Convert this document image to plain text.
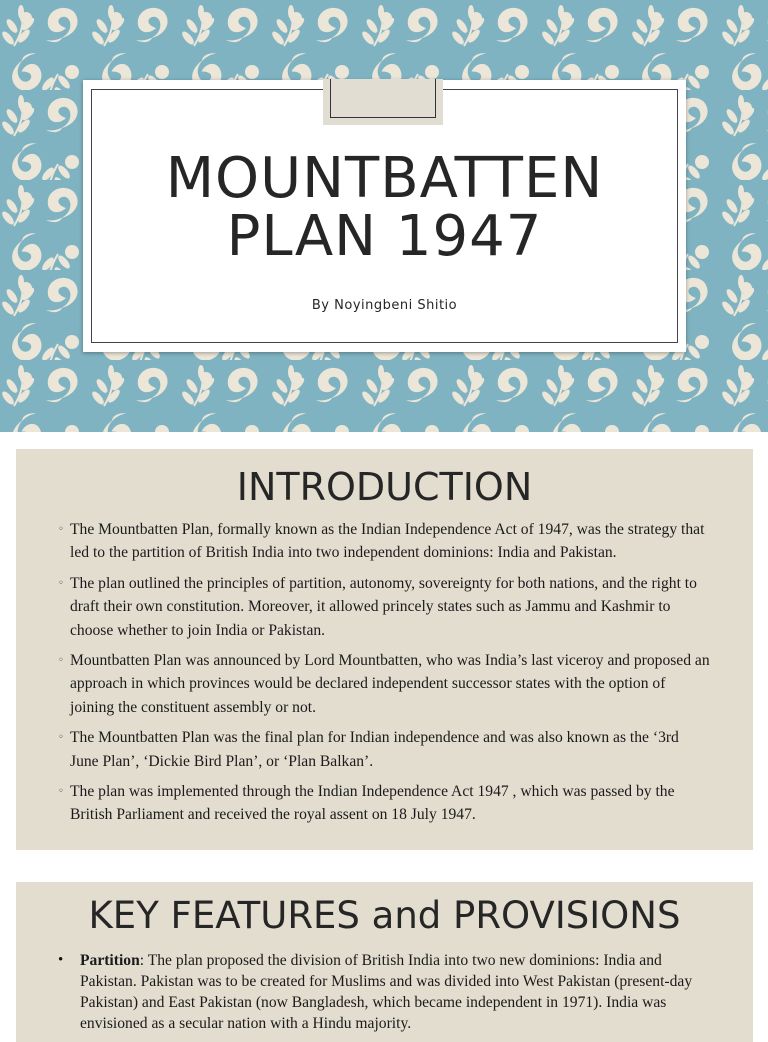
MOUNTBATTEN PLAN 1947
By Noyingbeni Shitio
INTRODUCTION
◦ The Mountbatten Plan, formally known as the Indian Independence Act of 1947, was the strategy that led to the partition of British India into two independent dominions: India and Pakistan.
◦ The plan outlined the principles of partition, autonomy, sovereignty for both nations, and the right to draft their own constitution. Moreover, it allowed princely states such as Jammu and Kashmir to choose whether to join India or Pakistan.
◦ Mountbatten Plan was announced by Lord Mountbatten, who was India’s last viceroy and proposed an approach in which provinces would be declared independent successor states with the option of joining the constituent assembly or not.
◦ The Mountbatten Plan was the final plan for Indian independence and was also known as the ‘3rd June Plan’, ‘Dickie Bird Plan’, or ‘Plan Balkan’.
◦ The plan was implemented through the Indian Independence Act 1947 , which was passed by the British Parliament and received the royal assent on 18 July 1947.
KEY FEATURES and PROVISIONS
• Partition: The plan proposed the division of British India into two new dominions: India and Pakistan. Pakistan was to be created for Muslims and was divided into West Pakistan (present-day Pakistan) and East Pakistan (now Bangladesh, which became independent in 1971). India was envisioned as a secular nation with a Hindu majority.
